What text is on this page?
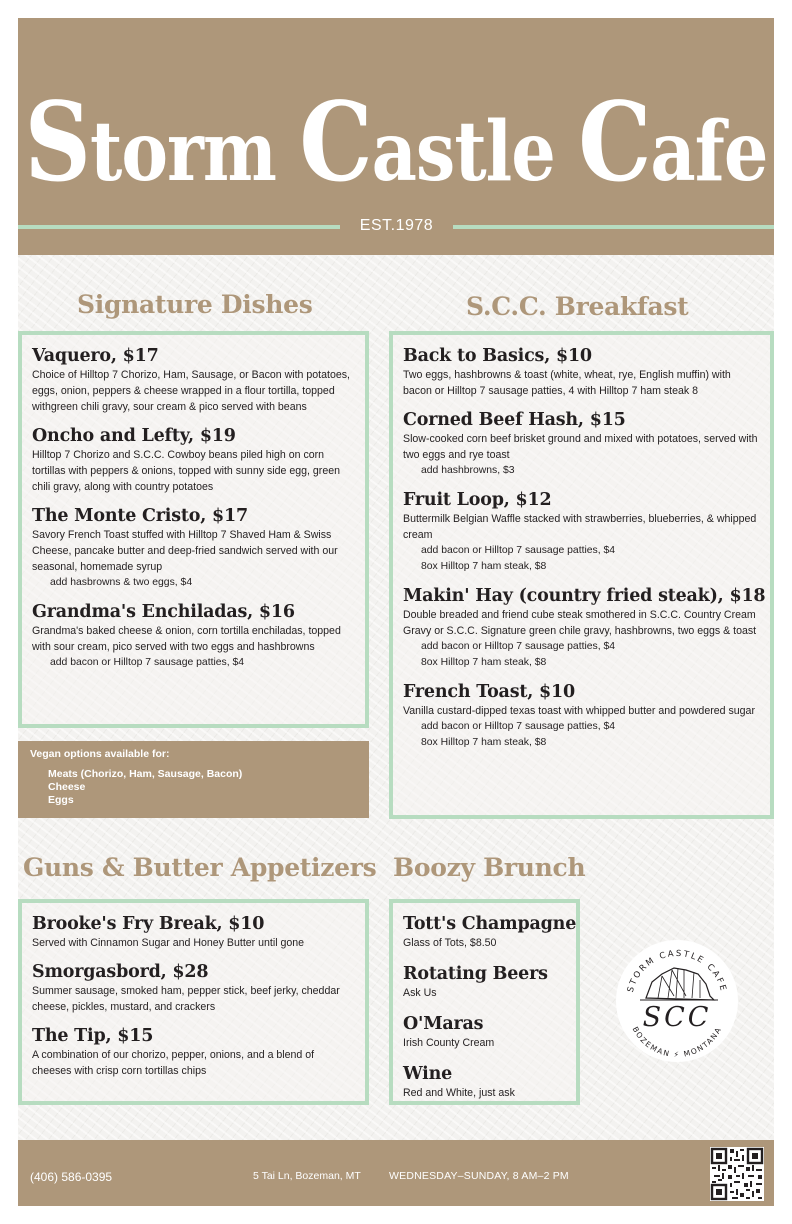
Storm Castle Cafe
EST.1978
Signature Dishes
Vaquero, $17
Choice of Hilltop 7 Chorizo, Ham, Sausage, or Bacon with potatoes, eggs, onion, peppers & cheese wrapped in a flour tortilla, topped withgreen chili gravy, sour cream & pico served with beans
Oncho and Lefty, $19
Hilltop 7 Chorizo and S.C.C. Cowboy beans piled high on corn tortillas with peppers & onions, topped with sunny side egg, green chili gravy, along with country potatoes
The Monte Cristo, $17
Savory French Toast stuffed with Hilltop 7 Shaved Ham & Swiss Cheese, pancake butter and deep-fried sandwich served with our seasonal, homemade syrup
add hasbrowns & two eggs, $4
Grandma's Enchiladas, $16
Grandma's baked cheese & onion, corn tortilla enchiladas, topped with sour cream, pico served with two eggs and hashbrowns
add bacon or Hilltop 7 sausage patties, $4
Vegan options available for:
Meats (Chorizo, Ham, Sausage, Bacon)
Cheese
Eggs
S.C.C. Breakfast
Back to Basics, $10
Two eggs, hashbrowns & toast (white, wheat, rye, English muffin) with bacon or Hilltop 7 sausage patties, 4 with Hilltop 7 ham steak 8
Corned Beef Hash, $15
Slow-cooked corn beef brisket ground and mixed with potatoes, served with two eggs and rye toast
add hashbrowns, $3
Fruit Loop, $12
Buttermilk Belgian Waffle stacked with strawberries, blueberries, & whipped cream
add bacon or Hilltop 7 sausage patties, $4
8ox Hilltop 7 ham steak, $8
Makin' Hay (country fried steak), $18
Double breaded and friend cube steak smothered in S.C.C. Country Cream Gravy or S.C.C. Signature green chile gravy, hashbrowns, two eggs & toast
add bacon or Hilltop 7 sausage patties, $4
8ox Hilltop 7 ham steak, $8
French Toast, $10
Vanilla custard-dipped texas toast with whipped butter and powdered sugar
add bacon or Hilltop 7 sausage patties, $4
8ox Hilltop 7 ham steak, $8
Guns & Butter Appetizers
Brooke's Fry Break, $10
Served with Cinnamon Sugar and Honey Butter until gone
Smorgasbord, $28
Summer sausage, smoked ham, pepper stick, beef jerky, cheddar cheese, pickles, mustard, and crackers
The Tip, $15
A combination of our chorizo, pepper, onions, and a blend of cheeses with crisp corn tortillas chips
Boozy Brunch
Tott's Champagne
Glass of Tots, $8.50
Rotating Beers
Ask Us
O'Maras
Irish County Cream
Wine
Red and White, just ask
STORM CASTLE CAFE
SCC
BOZEMAN ⚡ MONTANA
(406) 586-0395	5 Tai Ln, Bozeman, MT	WEDNESDAY–SUNDAY, 8 AM–2 PM
